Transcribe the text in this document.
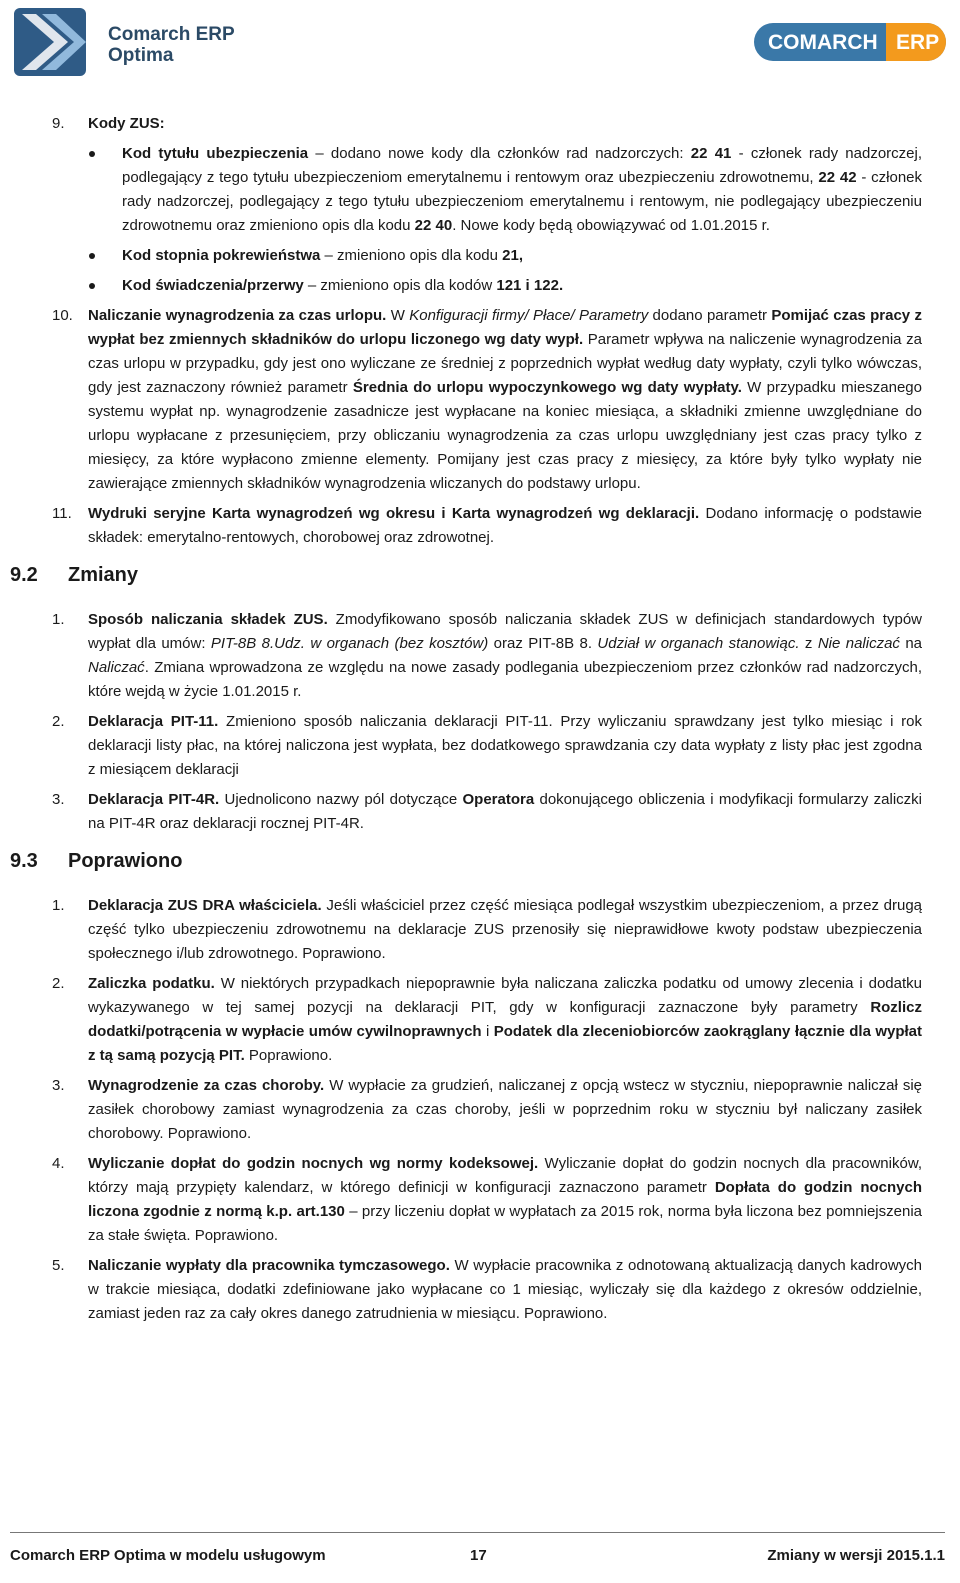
Comarch ERP
Optima
COMARCH ERP
9.	Kody ZUS:
Kod tytułu ubezpieczenia – dodano nowe kody dla członków rad nadzorczych: 22 41 - członek rady nadzorczej, podlegający z tego tytułu ubezpieczeniom emerytalnemu i rentowym oraz ubezpieczeniu zdrowotnemu, 22 42 - członek rady nadzorczej, podlegający z tego tytułu ubezpieczeniom emerytalnemu i rentowym, nie podlegający ubezpieczeniu zdrowotnemu oraz zmieniono opis dla kodu 22 40. Nowe kody będą obowiązywać od 1.01.2015 r.
Kod stopnia pokrewieństwa – zmieniono opis dla kodu 21,
Kod świadczenia/przerwy – zmieniono opis dla kodów 121 i 122.
10.	Naliczanie wynagrodzenia za czas urlopu. W Konfiguracji firmy/ Płace/ Parametry dodano parametr Pomijać czas pracy z wypłat bez zmiennych składników do urlopu liczonego wg daty wypł. Parametr wpływa na naliczenie wynagrodzenia za czas urlopu w przypadku, gdy jest ono wyliczane ze średniej z poprzednich wypłat według daty wypłaty, czyli tylko wówczas, gdy jest zaznaczony również parametr Średnia do urlopu wypoczynkowego wg daty wypłaty. W przypadku mieszanego systemu wypłat np. wynagrodzenie zasadnicze jest wypłacane na koniec miesiąca, a składniki zmienne uwzględniane do urlopu wypłacane z przesunięciem, przy obliczaniu wynagrodzenia za czas urlopu uwzględniany jest czas pracy tylko z miesięcy, za które wypłacono zmienne elementy. Pomijany jest czas pracy z miesięcy, za które były tylko wypłaty nie zawierające zmiennych składników wynagrodzenia wliczanych do podstawy urlopu.
11.	Wydruki seryjne Karta wynagrodzeń wg okresu i Karta wynagrodzeń wg deklaracji. Dodano informację o podstawie składek: emerytalno-rentowych, chorobowej oraz zdrowotnej.
9.2	Zmiany
1.	Sposób naliczania składek ZUS. Zmodyfikowano sposób naliczania składek ZUS w definicjach standardowych typów wypłat dla umów: PIT-8B 8.Udz. w organach (bez kosztów) oraz PIT-8B 8. Udział w organach stanowiąc. z Nie naliczać na Naliczać. Zmiana wprowadzona ze względu na nowe zasady podlegania ubezpieczeniom przez członków rad nadzorczych, które wejdą w życie 1.01.2015 r.
2.	Deklaracja PIT-11. Zmieniono sposób naliczania deklaracji PIT-11. Przy wyliczaniu sprawdzany jest tylko miesiąc i rok deklaracji listy płac, na której naliczona jest wypłata, bez dodatkowego sprawdzania czy data wypłaty z listy płac jest zgodna z miesiącem deklaracji
3.	Deklaracja PIT-4R. Ujednolicono nazwy pól dotyczące Operatora dokonującego obliczenia i modyfikacji formularzy zaliczki na PIT-4R oraz deklaracji rocznej PIT-4R.
9.3	Poprawiono
1.	Deklaracja ZUS DRA właściciela. Jeśli właściciel przez część miesiąca podlegał wszystkim ubezpieczeniom, a przez drugą część tylko ubezpieczeniu zdrowotnemu na deklaracje ZUS przenosiły się nieprawidłowe kwoty podstaw ubezpieczenia społecznego i/lub zdrowotnego. Poprawiono.
2.	Zaliczka podatku. W niektórych przypadkach niepoprawnie była naliczana zaliczka podatku od umowy zlecenia i dodatku wykazywanego w tej samej pozycji na deklaracji PIT, gdy w konfiguracji zaznaczone były parametry Rozlicz dodatki/potrącenia w wypłacie umów cywilnoprawnych i Podatek dla zleceniobiorców zaokrąglany łącznie dla wypłat z tą samą pozycją PIT. Poprawiono.
3.	Wynagrodzenie za czas choroby. W wypłacie za grudzień, naliczanej z opcją wstecz w styczniu, niepoprawnie naliczał się zasiłek chorobowy zamiast wynagrodzenia za czas choroby, jeśli w poprzednim roku w styczniu był naliczany zasiłek chorobowy. Poprawiono.
4.	Wyliczanie dopłat do godzin nocnych wg normy kodeksowej. Wyliczanie dopłat do godzin nocnych dla pracowników, którzy mają przypięty kalendarz, w którego definicji w konfiguracji zaznaczono parametr Dopłata do godzin nocnych liczona zgodnie z normą k.p. art.130 – przy liczeniu dopłat w wypłatach za 2015 rok, norma była liczona bez pomniejszenia za stałe święta. Poprawiono.
5.	Naliczanie wypłaty dla pracownika tymczasowego. W wypłacie pracownika z odnotowaną aktualizacją danych kadrowych w trakcie miesiąca, dodatki zdefiniowane jako wypłacane co 1 miesiąc, wyliczały się dla każdego z okresów oddzielnie, zamiast jeden raz za cały okres danego zatrudnienia w miesiącu. Poprawiono.
Comarch ERP Optima w modelu usługowym	17	Zmiany w wersji 2015.1.1
